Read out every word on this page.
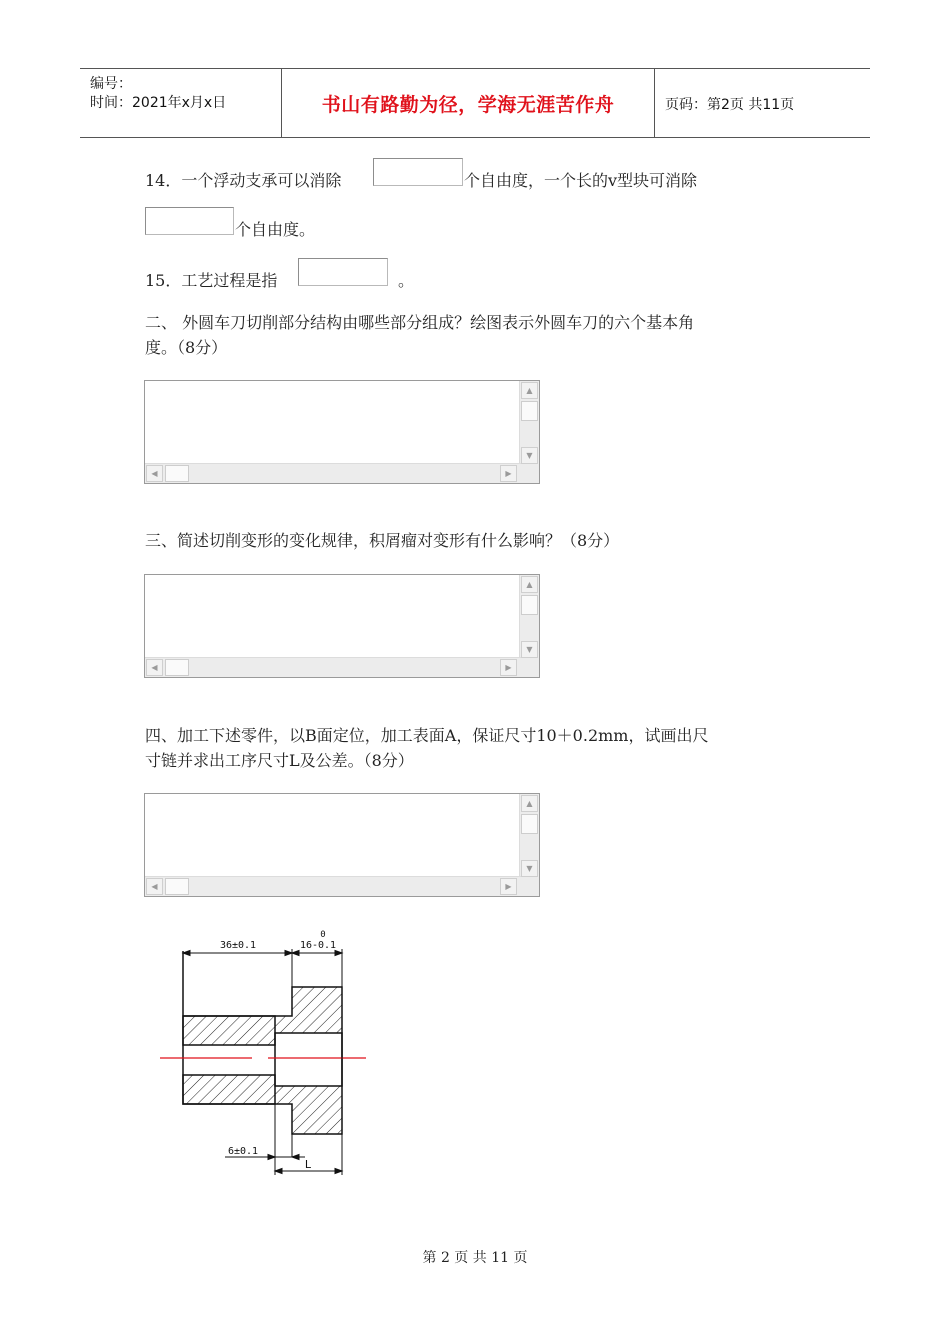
编号：
时间：2021年x月x日	书山有路勤为径，学海无涯苦作舟	页码：第2页 共11页
14．一个浮动支承可以消除	个自由度，一个长的v型块可消除
个自由度。
15．工艺过程是指	。
二、 外圆车刀切削部分结构由哪些部分组成？绘图表示外圆车刀的六个基本角
度。（8分）
▲
▼
◀	▶
三、简述切削变形的变化规律，积屑瘤对变形有什么影响？（8分）
▲
▼
◀	▶
四、加工下述零件，以B面定位，加工表面A，保证尺寸10＋0.2mm，试画出尺
寸链并求出工序尺寸L及公差。（8分）
▲
▼
◀	▶
36±0.1	16-0.1
0
6±0.1
L
第 2 页 共 11 页
